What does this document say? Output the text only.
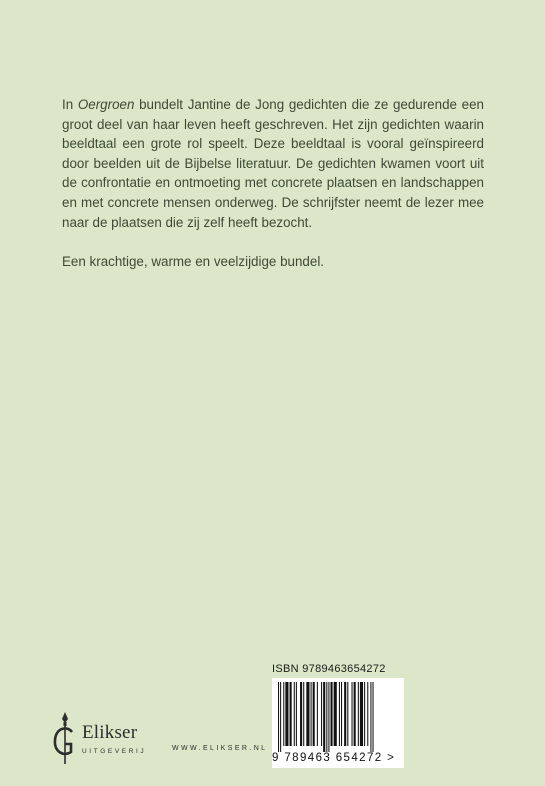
In Oergroen bundelt Jantine de Jong gedichten die ze gedurende een groot deel van haar leven heeft geschreven. Het zijn gedichten waarin beeldtaal een grote rol speelt. Deze beeldtaal is vooral geïnspireerd door beelden uit de Bijbelse literatuur. De gedichten kwamen voort uit de confrontatie en ontmoeting met concrete plaatsen en landschappen en met concrete mensen onderweg. De schrijfster neemt de lezer mee naar de plaatsen die zij zelf heeft bezocht.

Een krachtige, warme en veelzijdige bundel.

Elikser
UITGEVERIJ	WWW.ELIKSER.NL
ISBN 9789463654272
9 789463 654272 >
